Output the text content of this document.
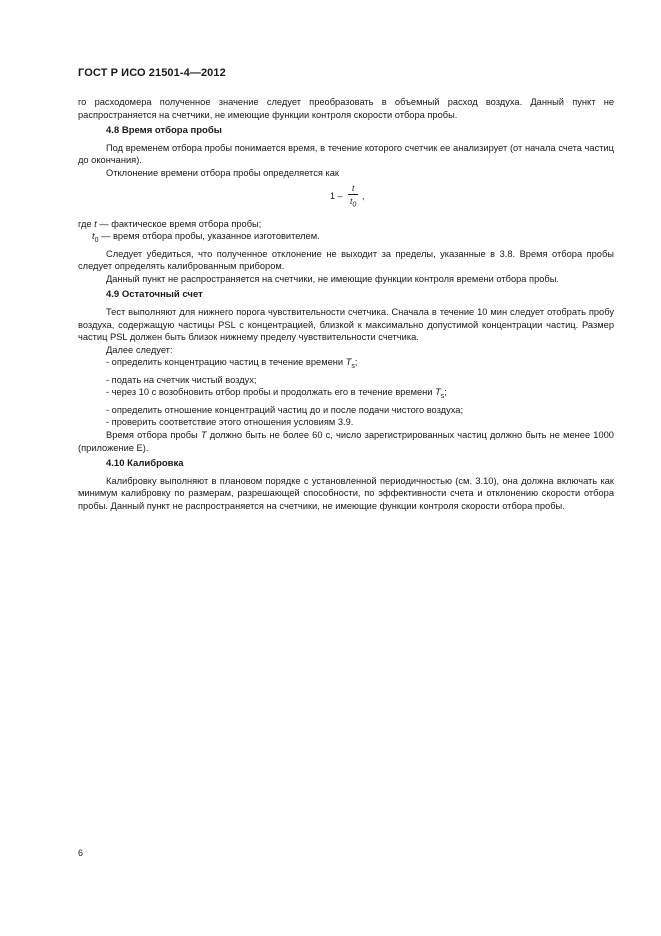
ГОСТ Р ИСО 21501-4—2012

го расходомера полученное значение следует преобразовать в объемный расход воздуха. Данный пункт не распространяется на счетчики, не имеющие функции контроля скорости отбора пробы.

4.8 Время отбора пробы

Под временем отбора пробы понимается время, в течение которого счетчик ее анализирует (от начала счета частиц до окончания).

Отклонение времени отбора пробы определяется как

$1 - \frac{t}{t_0}$ ,

где t — фактическое время отбора пробы;

$t_0$ — время отбора пробы, указанное изготовителем.

Следует убедиться, что полученное отклонение не выходит за пределы, указанные в 3.8. Время отбора пробы следует определять калиброванным прибором.

Данный пункт не распространяется на счетчики, не имеющие функции контроля времени отбора пробы.

4.9 Остаточный счет

Тест выполняют для нижнего порога чувствительности счетчика. Сначала в течение 10 мин следует отобрать пробу воздуха, содержащую частицы PSL с концентрацией, близкой к максимально допустимой концентрации частиц. Размер частиц PSL должен быть близок нижнему пределу чувствительности счетчика.

Далее следует:

- определить концентрацию частиц в течение времени $T_s$;
- подать на счетчик чистый воздух;
- через 10 с возобновить отбор пробы и продолжать его в течение времени $T_s$;
- определить отношение концентраций частиц до и после подачи чистого воздуха;
- проверить соответствие этого отношения условиям 3.9.

Время отбора пробы T должно быть не более 60 с, число зарегистрированных частиц должно быть не менее 1000 (приложение Е).

4.10 Калибровка

Калибровку выполняют в плановом порядке с установленной периодичностью (см. 3.10), она должна включать как минимум калибровку по размерам, разрешающей способности, по эффективности счета и отклонению скорости отбора пробы. Данный пункт не распространяется на счетчики, не имеющие функции контроля скорости отбора пробы.

6
